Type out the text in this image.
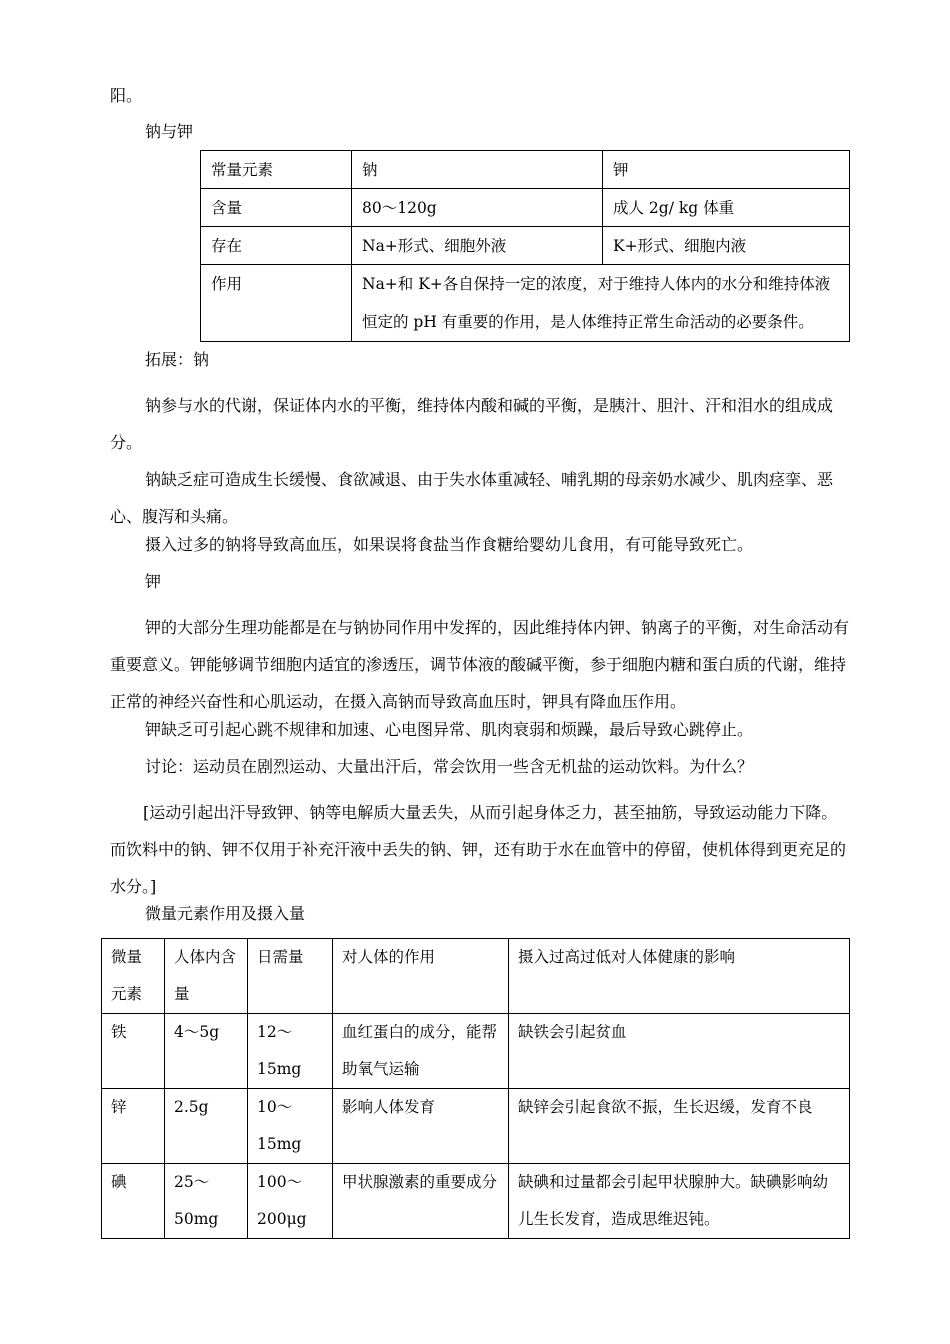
阳。
钠与钾
常量元素	钠	钾
含量	80～120g	成人 2g/ kg 体重
存在	Na+形式、细胞外液	K+形式、细胞内液
作用	Na+和 K+各自保持一定的浓度，对于维持人体内的水分和维持体液恒定的 pH 有重要的作用，是人体维持正常生命活动的必要条件。	
拓展：钠
钠参与水的代谢，保证体内水的平衡，维持体内酸和碱的平衡，是胰汁、胆汁、汗和泪水的组成成分。
钠缺乏症可造成生长缓慢、食欲减退、由于失水体重减轻、哺乳期的母亲奶水减少、肌肉痉挛、恶心、腹泻和头痛。
摄入过多的钠将导致高血压，如果误将食盐当作食糖给婴幼儿食用，有可能导致死亡。
钾
钾的大部分生理功能都是在与钠协同作用中发挥的，因此维持体内钾、钠离子的平衡，对生命活动有重要意义。钾能够调节细胞内适宜的渗透压，调节体液的酸碱平衡，参于细胞内糖和蛋白质的代谢，维持正常的神经兴奋性和心肌运动，在摄入高钠而导致高血压时，钾具有降血压作用。
钾缺乏可引起心跳不规律和加速、心电图异常、肌肉衰弱和烦躁，最后导致心跳停止。
讨论：运动员在剧烈运动、大量出汗后，常会饮用一些含无机盐的运动饮料。为什么？
[运动引起出汗导致钾、钠等电解质大量丢失，从而引起身体乏力，甚至抽筋，导致运动能力下降。而饮料中的钠、钾不仅用于补充汗液中丢失的钠、钾，还有助于水在血管中的停留，使机体得到更充足的水分。]
微量元素作用及摄入量
微量元素	人体内含量	日需量	对人体的作用	摄入过高过低对人体健康的影响

铁	4～5g	12～15mg	血红蛋白的成分，能帮助氧气运输	缺铁会引起贫血

锌	2.5g	10～15mg	影响人体发育	缺锌会引起食欲不振，生长迟缓，发育不良

碘	25～50mg	100～200μg	甲状腺激素的重要成分	缺碘和过量都会引起甲状腺肿大。缺碘影响幼儿生长发育，造成思维迟钝。
